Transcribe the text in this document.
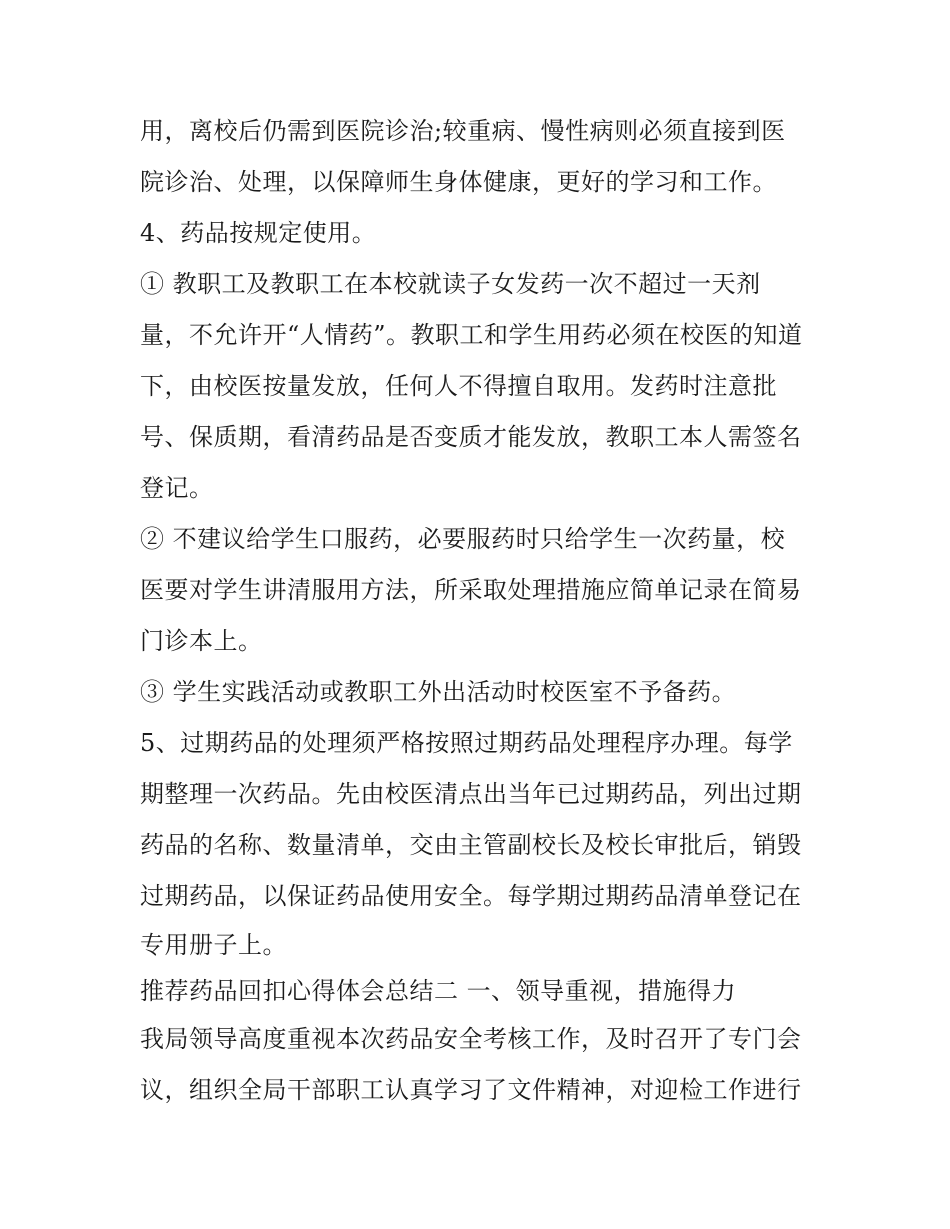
用，离校后仍需到医院诊治;较重病、慢性病则必须直接到医
院诊治、处理，以保障师生身体健康，更好的学习和工作。
4、药品按规定使用。
① 教职工及教职工在本校就读子女发药一次不超过一天剂
量，不允许开“人情药”。教职工和学生用药必须在校医的知道
下，由校医按量发放，任何人不得擅自取用。发药时注意批
号、保质期，看清药品是否变质才能发放，教职工本人需签名
登记。
② 不建议给学生口服药，必要服药时只给学生一次药量，校
医要对学生讲清服用方法，所采取处理措施应简单记录在简易
门诊本上。
③ 学生实践活动或教职工外出活动时校医室不予备药。
5、过期药品的处理须严格按照过期药品处理程序办理。每学
期整理一次药品。先由校医清点出当年已过期药品，列出过期
药品的名称、数量清单，交由主管副校长及校长审批后，销毁
过期药品，以保证药品使用安全。每学期过期药品清单登记在
专用册子上。
推荐药品回扣心得体会总结二 一、领导重视，措施得力
我局领导高度重视本次药品安全考核工作，及时召开了专门会
议，组织全局干部职工认真学习了文件精神，对迎检工作进行
